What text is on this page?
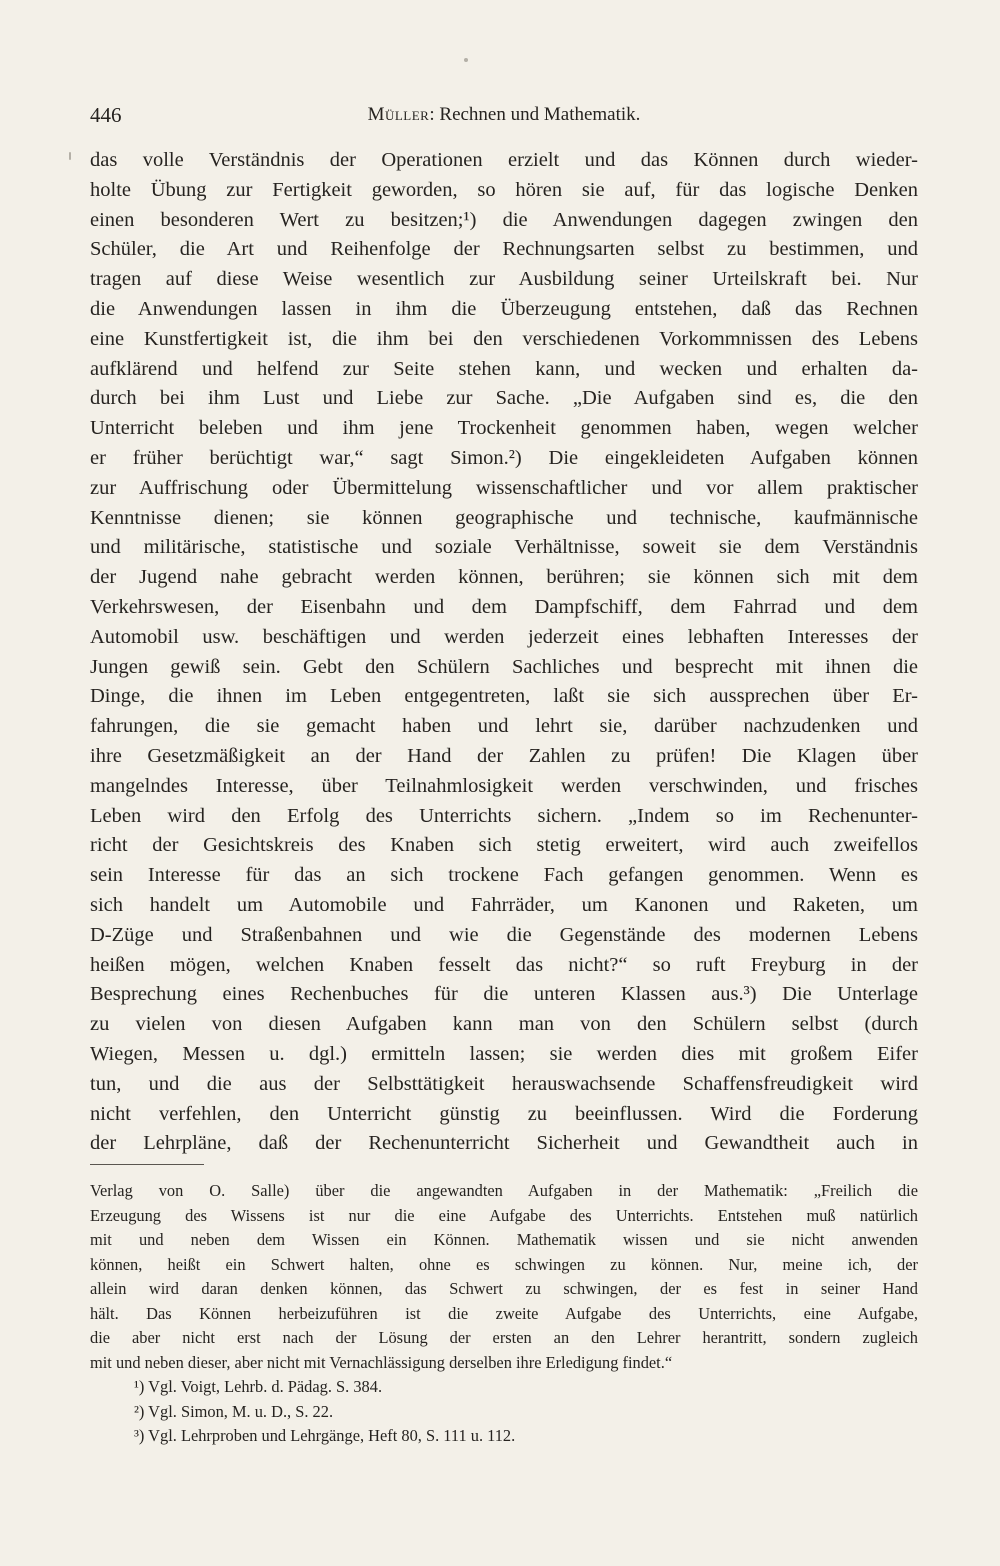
446	Müller: Rechnen und Mathematik.
das volle Verständnis der Operationen erzielt und das Können durch wieder-
holte Übung zur Fertigkeit geworden, so hören sie auf, für das logische Denken
einen besonderen Wert zu besitzen;¹) die Anwendungen dagegen zwingen den
Schüler, die Art und Reihenfolge der Rechnungsarten selbst zu bestimmen, und
tragen auf diese Weise wesentlich zur Ausbildung seiner Urteilskraft bei. Nur
die Anwendungen lassen in ihm die Überzeugung entstehen, daß das Rechnen
eine Kunstfertigkeit ist, die ihm bei den verschiedenen Vorkommnissen des Lebens
aufklärend und helfend zur Seite stehen kann, und wecken und erhalten da-
durch bei ihm Lust und Liebe zur Sache. „Die Aufgaben sind es, die den
Unterricht beleben und ihm jene Trockenheit genommen haben, wegen welcher
er früher berüchtigt war,“ sagt Simon.²) Die eingekleideten Aufgaben können
zur Auffrischung oder Übermittelung wissenschaftlicher und vor allem praktischer
Kenntnisse dienen; sie können geographische und technische, kaufmännische
und militärische, statistische und soziale Verhältnisse, soweit sie dem Verständnis
der Jugend nahe gebracht werden können, berühren; sie können sich mit dem
Verkehrswesen, der Eisenbahn und dem Dampfschiff, dem Fahrrad und dem
Automobil usw. beschäftigen und werden jederzeit eines lebhaften Interesses der
Jungen gewiß sein. Gebt den Schülern Sachliches und besprecht mit ihnen die
Dinge, die ihnen im Leben entgegentreten, laßt sie sich aussprechen über Er-
fahrungen, die sie gemacht haben und lehrt sie, darüber nachzudenken und
ihre Gesetzmäßigkeit an der Hand der Zahlen zu prüfen! Die Klagen über
mangelndes Interesse, über Teilnahmlosigkeit werden verschwinden, und frisches
Leben wird den Erfolg des Unterrichts sichern. „Indem so im Rechenunter-
richt der Gesichtskreis des Knaben sich stetig erweitert, wird auch zweifellos
sein Interesse für das an sich trockene Fach gefangen genommen. Wenn es
sich handelt um Automobile und Fahrräder, um Kanonen und Raketen, um
D-Züge und Straßenbahnen und wie die Gegenstände des modernen Lebens
heißen mögen, welchen Knaben fesselt das nicht?“ so ruft Freyburg in der
Besprechung eines Rechenbuches für die unteren Klassen aus.³) Die Unterlage
zu vielen von diesen Aufgaben kann man von den Schülern selbst (durch
Wiegen, Messen u. dgl.) ermitteln lassen; sie werden dies mit großem Eifer
tun, und die aus der Selbsttätigkeit herauswachsende Schaffensfreudigkeit wird
nicht verfehlen, den Unterricht günstig zu beeinflussen. Wird die Forderung
der Lehrpläne, daß der Rechenunterricht Sicherheit und Gewandtheit auch in
Verlag von O. Salle) über die angewandten Aufgaben in der Mathematik: „Freilich die
Erzeugung des Wissens ist nur die eine Aufgabe des Unterrichts. Entstehen muß natürlich
mit und neben dem Wissen ein Können. Mathematik wissen und sie nicht anwenden
können, heißt ein Schwert halten, ohne es schwingen zu können. Nur, meine ich, der
allein wird daran denken können, das Schwert zu schwingen, der es fest in seiner Hand
hält. Das Können herbeizuführen ist die zweite Aufgabe des Unterrichts, eine Aufgabe,
die aber nicht erst nach der Lösung der ersten an den Lehrer herantritt, sondern zugleich
mit und neben dieser, aber nicht mit Vernachlässigung derselben ihre Erledigung findet.“
¹) Vgl. Voigt, Lehrb. d. Pädag. S. 384.
²) Vgl. Simon, M. u. D., S. 22.
³) Vgl. Lehrproben und Lehrgänge, Heft 80, S. 111 u. 112.
